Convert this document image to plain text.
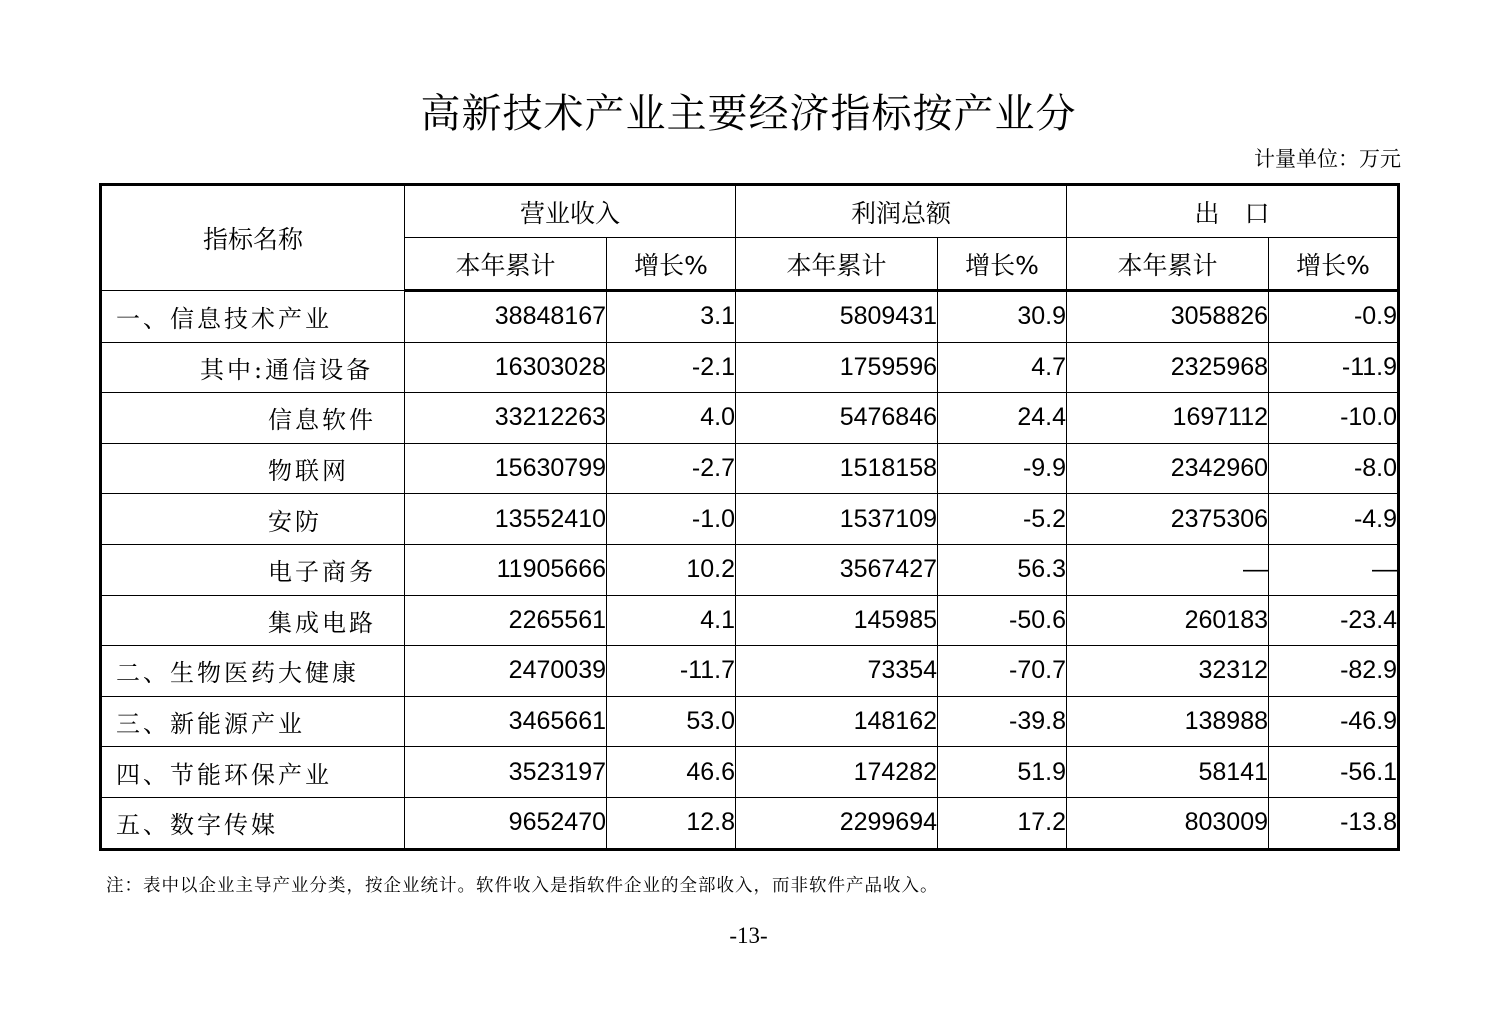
高新技术产业主要经济指标按产业分
计量单位：万元
指标名称	营业收入		利润总额		出　口	
	本年累计	增长%	本年累计	增长%	本年累计	增长%
一、信息技术产业	38848167	3.1	5809431	30.9	3058826	-0.9
其中:通信设备	16303028	-2.1	1759596	4.7	2325968	-11.9
信息软件	33212263	4.0	5476846	24.4	1697112	-10.0
物联网	15630799	-2.7	1518158	-9.9	2342960	-8.0
安防	13552410	-1.0	1537109	-5.2	2375306	-4.9
电子商务	11905666	10.2	3567427	56.3	—	—
集成电路	2265561	4.1	145985	-50.6	260183	-23.4
二、生物医药大健康	2470039	-11.7	73354	-70.7	32312	-82.9
三、新能源产业	3465661	53.0	148162	-39.8	138988	-46.9
四、节能环保产业	3523197	46.6	174282	51.9	58141	-56.1
五、数字传媒	9652470	12.8	2299694	17.2	803009	-13.8
注：表中以企业主导产业分类，按企业统计。软件收入是指软件企业的全部收入，而非软件产品收入。
-13-
